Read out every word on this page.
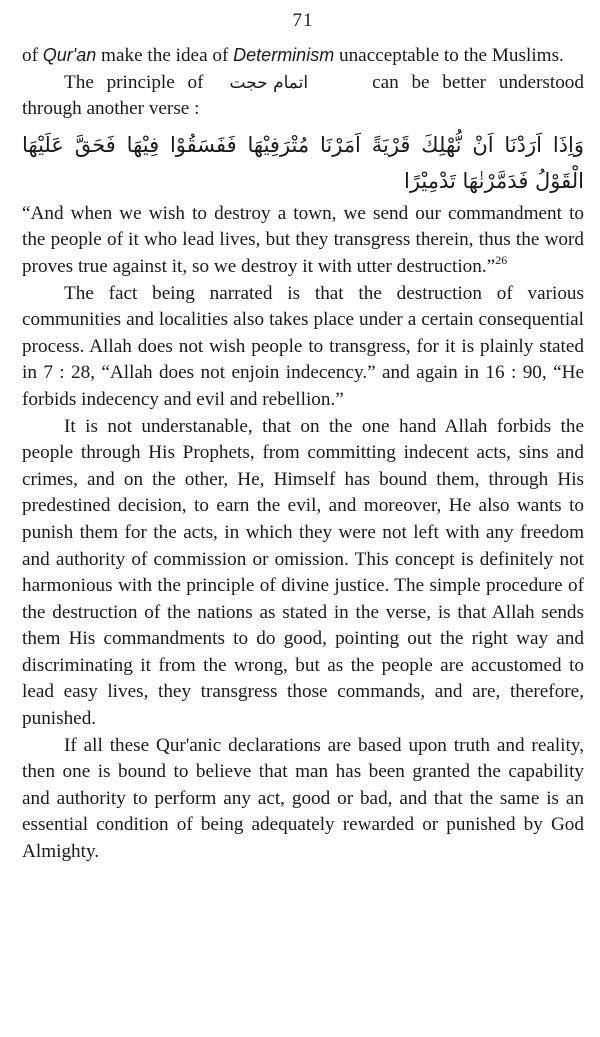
71

of Qur'an make the idea of Determinism unacceptable to the Muslims.

The principle of اتمام حجت	can be better understood through another verse :

وَاِذَا اَرَدْنَا اَنْ نُّهْلِكَ قَرْيَةً اَمَرْنَا مُتْرَفِيْهَا فَفَسَقُوْا فِيْهَا فَحَقَّ عَلَيْهَا
الْقَوْلُ فَدَمَّرْنٰهَا تَدْمِيْرًا

“And when we wish to destroy a town, we send our commandment to the people of it who lead lives, but they transgress therein, thus the word proves true against it, so we destroy it with utter destruction.”$^{26}$

The fact being narrated is that the destruction of various communities and localities also takes place under a certain consequential process. Allah does not wish people to transgress, for it is plainly stated in 7 : 28, “Allah does not enjoin indecency.” and again in 16 : 90, “He forbids indecency and evil and rebellion.”

It is not understanable, that on the one hand Allah forbids the people through His Prophets, from committing indecent acts, sins and crimes, and on the other, He, Himself has bound them, through His predestined decision, to earn the evil, and moreover, He also wants to punish them for the acts, in which they were not left with any freedom and authority of commission or omission. This concept is definitely not harmonious with the principle of divine justice. The simple procedure of the destruction of the nations as stated in the verse, is that Allah sends them His commandments to do good, pointing out the right way and discriminating it from the wrong, but as the people are accustomed to lead easy lives, they transgress those commands, and are, therefore, punished.

If all these Qur'anic declarations are based upon truth and reality, then one is bound to believe that man has been granted the capability and authority to perform any act, good or bad, and that the same is an essential condition of being adequately rewarded or punished by God Almighty.
